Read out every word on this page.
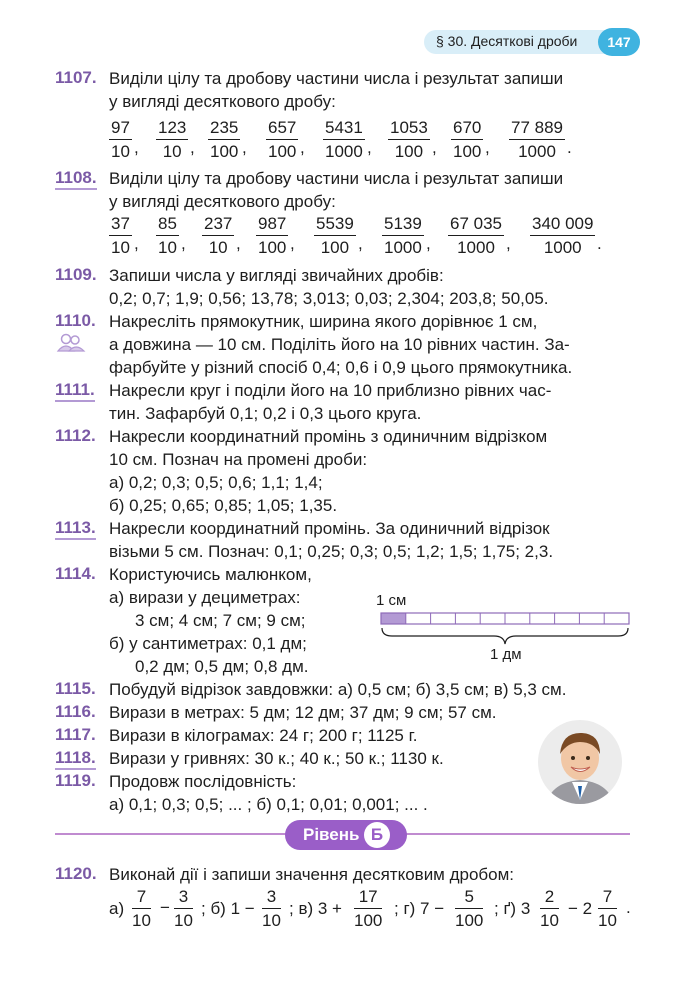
§ 30. Десяткові дроби	147
1107. Виділи цілу та дробову частини числа і результат запиши
у вигляді десяткового дробу:
$\frac{97}{10}$ , $\frac{123}{10}$ , $\frac{235}{100}$ , $\frac{657}{100}$ , $\frac{5431}{1000}$ , $\frac{1053}{100}$ , $\frac{670}{100}$ , $\frac{77 889}{1000}$ .
1108. Виділи цілу та дробову частини числа і результат запиши
у вигляді десяткового дробу:
$\frac{37}{10}$ , $\frac{85}{10}$ , $\frac{237}{10}$ , $\frac{987}{100}$ , $\frac{5539}{100}$ , $\frac{5139}{1000}$ , $\frac{67 035}{1000}$ , $\frac{340 009}{1000}$ .
1109. Запиши числа у вигляді звичайних дробів:
0,2; 0,7; 1,9; 0,56; 13,78; 3,013; 0,03; 2,304; 203,8; 50,05.
1110. Накресліть прямокутник, ширина якого дорівнює 1 см,
а довжина — 10 см. Поділіть його на 10 рівних частин. За-
фарбуйте у різний спосіб 0,4; 0,6 і 0,9 цього прямокутника.
1111. Накресли круг і поділи його на 10 приблизно рівних час-
тин. Зафарбуй 0,1; 0,2 і 0,3 цього круга.
1112. Накресли координатний промінь з одиничним відрізком
10 см. Познач на промені дроби:
а) 0,2; 0,3; 0,5; 0,6; 1,1; 1,4;
б) 0,25; 0,65; 0,85; 1,05; 1,35.
1113. Накресли координатний промінь. За одиничний відрізок
візьми 5 см. Познач: 0,1; 0,25; 0,3; 0,5; 1,2; 1,5; 1,75; 2,3.
1114. Користуючись малюнком,
а) вирази у дециметрах:
3 см; 4 см; 7 см; 9 см;
б) у сантиметрах: 0,1 дм;
0,2 дм; 0,5 дм; 0,8 дм.
1 см
1 дм
1115. Побудуй відрізок завдовжки: а) 0,5 см; б) 3,5 см; в) 5,3 см.
1116. Вирази в метрах: 5 дм; 12 дм; 37 дм; 9 см; 57 см.
1117. Вирази в кілограмах: 24 г; 200 г; 1125 г.
1118. Вирази у гривнях: 30 к.; 40 к.; 50 к.; 1130 к.
1119. Продовж послідовність:
а) 0,1; 0,3; 0,5; ... ; б) 0,1; 0,01; 0,001; ... .
Рівень Б
1120. Виконай дії і запиши значення десятковим дробом:
$а) \frac{7}{10} - \frac{3}{10}$ ; б) $1 - \frac{3}{10}$ ; в) $3 + \frac{17}{100}$ ; г) $7 - \frac{5}{100}$ ; ґ) $3 \frac{2}{10} - 2 \frac{7}{10}$ .
